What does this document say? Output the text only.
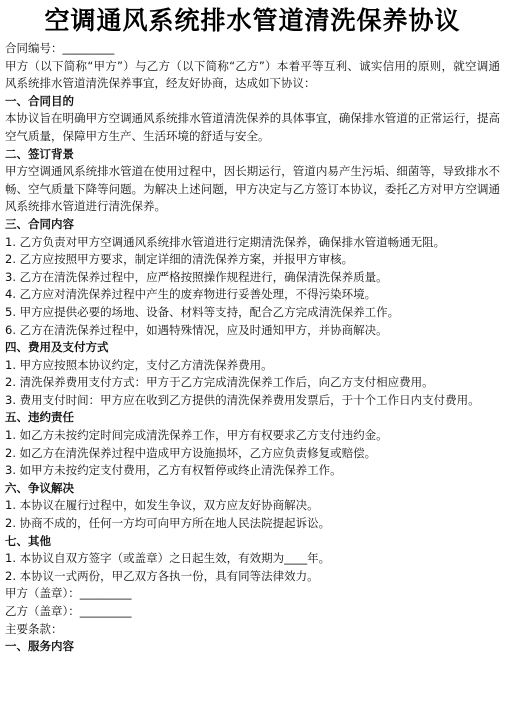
空调通风系统排水管道清洗保养协议
合同编号：_________
甲方（以下简称“甲方”）与乙方（以下简称“乙方”）本着平等互利、诚实信用的原则，就空调通风系统排水管道清洗保养事宜，经友好协商，达成如下协议：
一、合同目的
本协议旨在明确甲方空调通风系统排水管道清洗保养的具体事宜，确保排水管道的正常运行，提高空气质量，保障甲方生产、生活环境的舒适与安全。
二、签订背景
甲方空调通风系统排水管道在使用过程中，因长期运行，管道内易产生污垢、细菌等，导致排水不畅、空气质量下降等问题。为解决上述问题，甲方决定与乙方签订本协议，委托乙方对甲方空调通风系统排水管道进行清洗保养。
三、合同内容
1. 乙方负责对甲方空调通风系统排水管道进行定期清洗保养，确保排水管道畅通无阻。
2. 乙方应按照甲方要求，制定详细的清洗保养方案，并报甲方审核。
3. 乙方在清洗保养过程中，应严格按照操作规程进行，确保清洗保养质量。
4. 乙方应对清洗保养过程中产生的废弃物进行妥善处理，不得污染环境。
5. 甲方应提供必要的场地、设备、材料等支持，配合乙方完成清洗保养工作。
6. 乙方在清洗保养过程中，如遇特殊情况，应及时通知甲方，并协商解决。
四、费用及支付方式
1. 甲方应按照本协议约定，支付乙方清洗保养费用。
2. 清洗保养费用支付方式：甲方于乙方完成清洗保养工作后，向乙方支付相应费用。
3. 费用支付时间：甲方应在收到乙方提供的清洗保养费用发票后，于十个工作日内支付费用。
五、违约责任
1. 如乙方未按约定时间完成清洗保养工作，甲方有权要求乙方支付违约金。
2. 如乙方在清洗保养过程中造成甲方设施损坏，乙方应负责修复或赔偿。
3. 如甲方未按约定支付费用，乙方有权暂停或终止清洗保养工作。
六、争议解决
1. 本协议在履行过程中，如发生争议，双方应友好协商解决。
2. 协商不成的，任何一方均可向甲方所在地人民法院提起诉讼。
七、其他
1. 本协议自双方签字（或盖章）之日起生效，有效期为____年。
2. 本协议一式两份，甲乙双方各执一份，具有同等法律效力。
甲方（盖章）：_________
乙方（盖章）：_________
主要条款：
一、服务内容
